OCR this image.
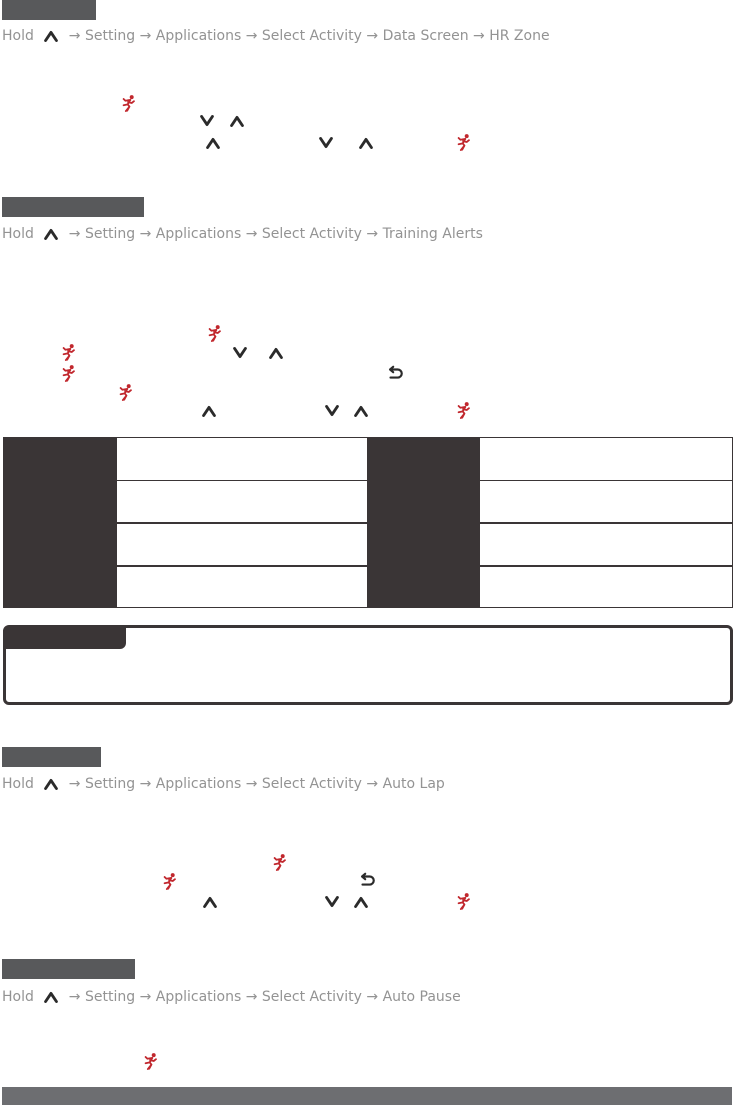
Hold → Setting → Applications → Select Activity → Data Screen → HR Zone
Hold → Setting → Applications → Select Activity → Training Alerts
Hold → Setting → Applications → Select Activity → Auto Lap
Hold → Setting → Applications → Select Activity → Auto Pause
